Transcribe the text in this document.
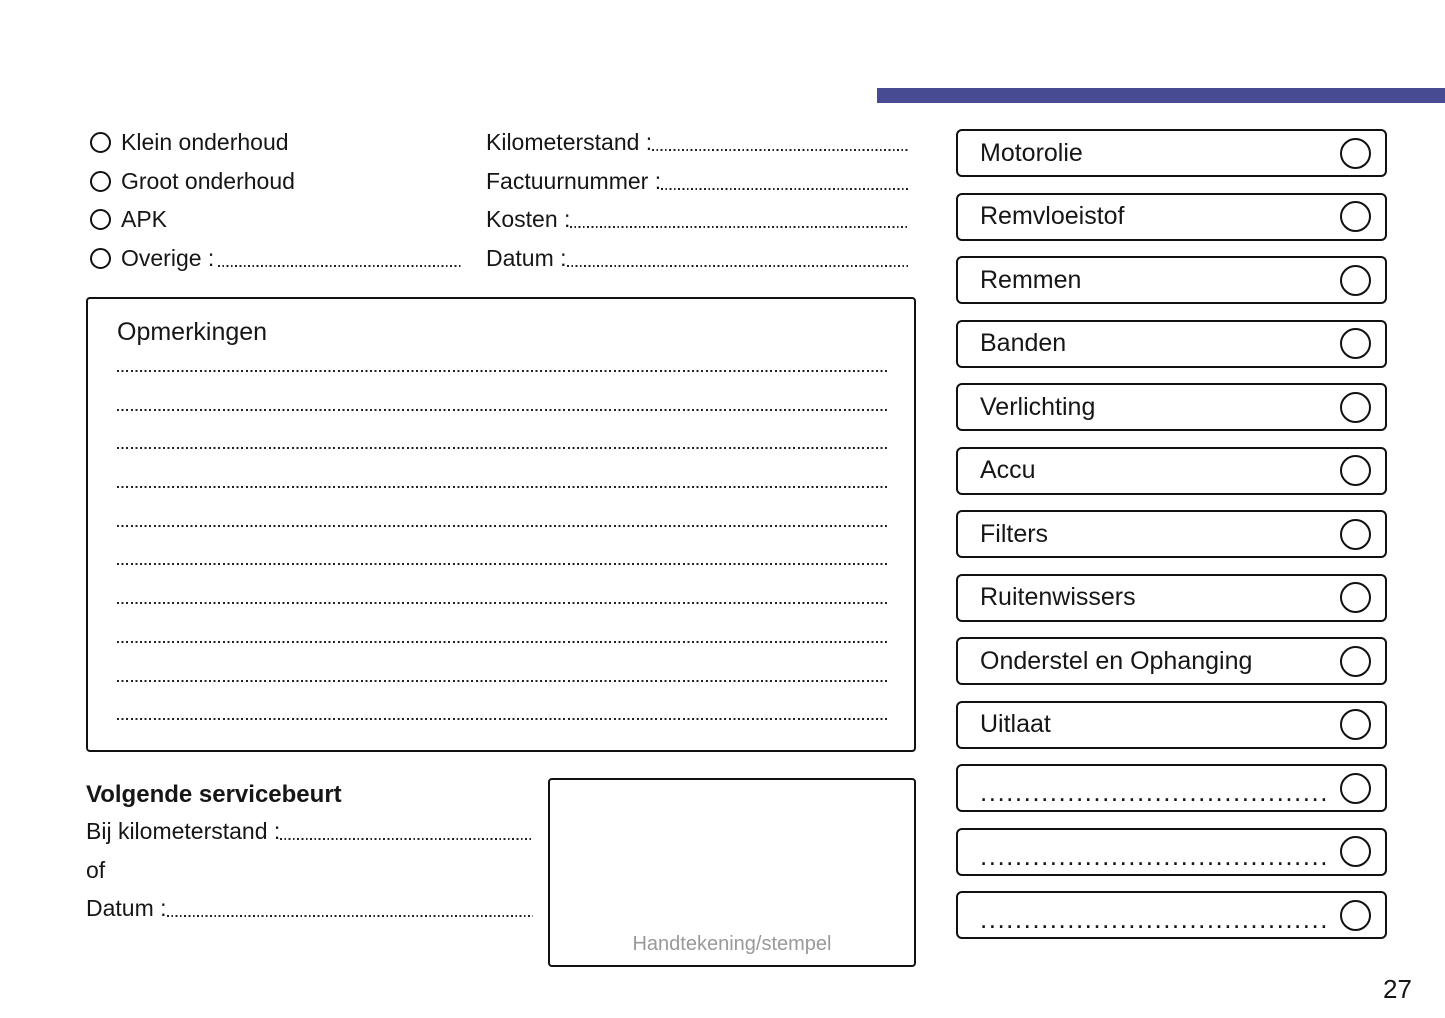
Klein onderhoud
Groot onderhoud
APK
Overige :
Kilometerstand :
Factuurnummer :
Kosten :
Datum :
Opmerkingen
Volgende servicebeurt
Bij kilometerstand :
of
Datum :
Handtekening/stempel
Motorolie
Remvloeistof
Remmen
Banden
Verlichting
Accu
Filters
Ruitenwissers
Onderstel en Ophanging
Uitlaat
........................................
........................................
........................................
27
